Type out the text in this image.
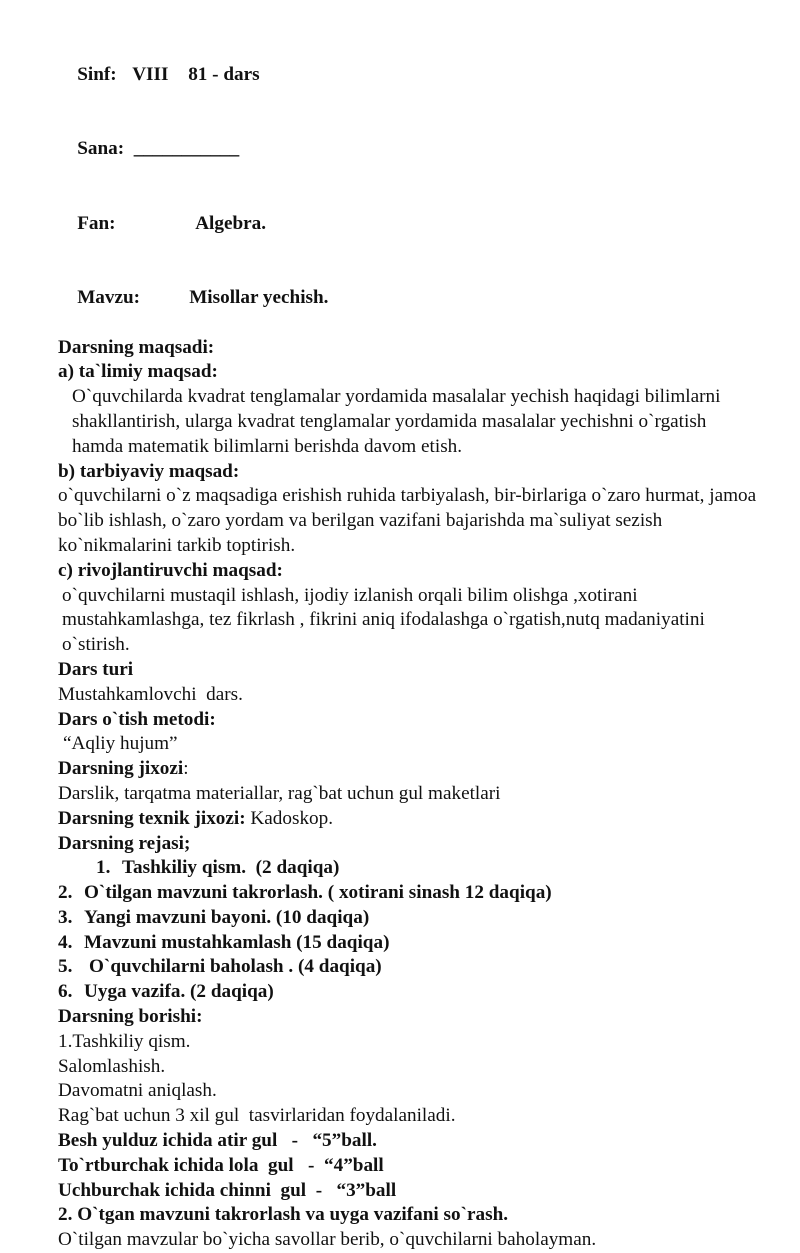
Sinf: VIII 81 - dars

Sana: ___________

Fan:	Algebra.

Mavzu:	Misollar yechish.

Darsning maqsadi:
a) ta`limiy maqsad:

O`quvchilarda kvadrat tenglamalar yordamida masalalar yechish haqidagi bilimlarni shakllantirish, ularga kvadrat tenglamalar yordamida masalalar yechishni o`rgatish hamda matematik bilimlarni berishda davom etish.

b) tarbiyaviy maqsad:

o`quvchilarni o`z maqsadiga erishish ruhida tarbiyalash, bir-birlariga o`zaro hurmat, jamoa bo`lib ishlash, o`zaro yordam va berilgan vazifani bajarishda ma`suliyat sezish ko`nikmalarini tarkib toptirish.

c) rivojlantiruvchi maqsad:

o`quvchilarni mustaqil ishlash, ijodiy izlanish orqali bilim olishga ,xotirani mustahkamlashga, tez fikrlash , fikrini aniq ifodalashga o`rgatish,nutq madaniyatini o`stirish.

Dars turi
Mustahkamlovchi  dars.
Dars o`tish metodi:
“Aqliy hujum”
Darsning jixozi:
Darslik, tarqatma materiallar, rag`bat uchun gul maketlari
Darsning texnik jixozi: Kadoskop.
Darsning rejasi;
1. Tashkiliy qism.  (2 daqiqa)
2. O`tilgan mavzuni takrorlash. ( xotirani sinash 12 daqiqa)
3. Yangi mavzuni bayoni. (10 daqiqa)
4. Mavzuni mustahkamlash (15 daqiqa)
5. O`quvchilarni baholash . (4 daqiqa)
6. Uyga vazifa. (2 daqiqa)
Darsning borishi:
1.Tashkiliy qism.
Salomlashish.
Davomatni aniqlash.
Rag`bat uchun 3 xil gul  tasvirlaridan foydalaniladi.
Besh yulduz ichida atir gul   -   “5”ball.
To`rtburchak ichida lola  gul   -  “4”ball
Uchburchak ichida chinni  gul  -   “3”ball
2. O`tgan mavzuni takrorlash va uyga vazifani so`rash.
O`tilgan mavzular bo`yicha savollar berib, o`quvchilarni baholayman.
